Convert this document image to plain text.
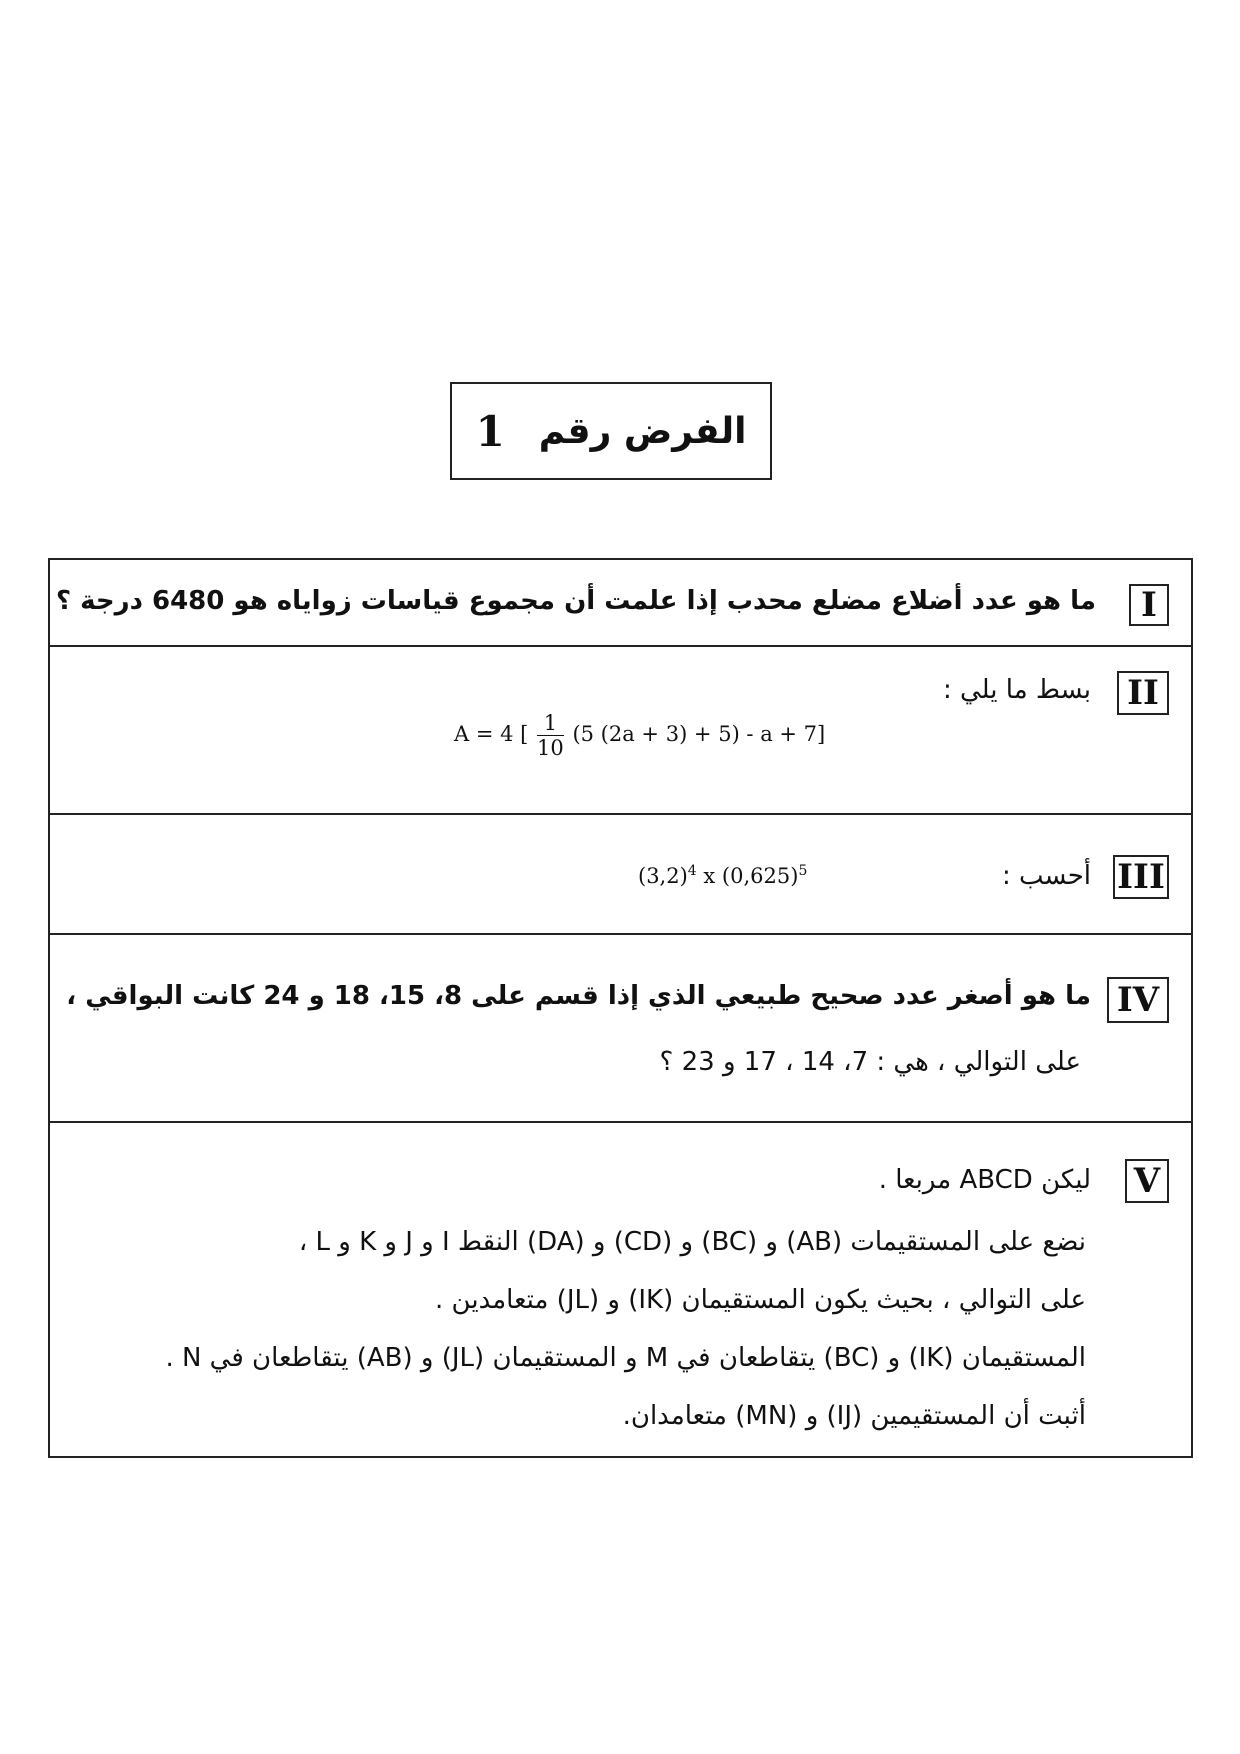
الفرض رقم
1
I
ما هو عدد أضلاع مضلع محدب إذا علمت أن مجموع قياسات زواياه هو 6480 درجة ؟
II
بسط ما يلي :
A = 4 [ $\frac{1}{10} (5$ (2a + 3) + 5) - a + 7]
III
أحسب :
$(3,2)^4$ x $(0,625)^5$
IV
ما هو أصغر عدد صحيح طبيعي الذي إذا قسم على 8، 15، 18 و 24 كانت البواقي ،
على التوالي ، هي : 7، 14 ، 17 و 23 ؟
V
ليكن ABCD مربعا .
نضع على المستقيمات (AB) و (BC) و (CD) و (DA) النقط I و J و K و L ،
على التوالي ، بحيث يكون المستقيمان (IK) و (JL) متعامدين .
المستقيمان (IK) و (BC) يتقاطعان في M و المستقيمان (JL) و (AB) يتقاطعان في N .
أثبت أن المستقيمين (IJ) و (MN) متعامدان.
